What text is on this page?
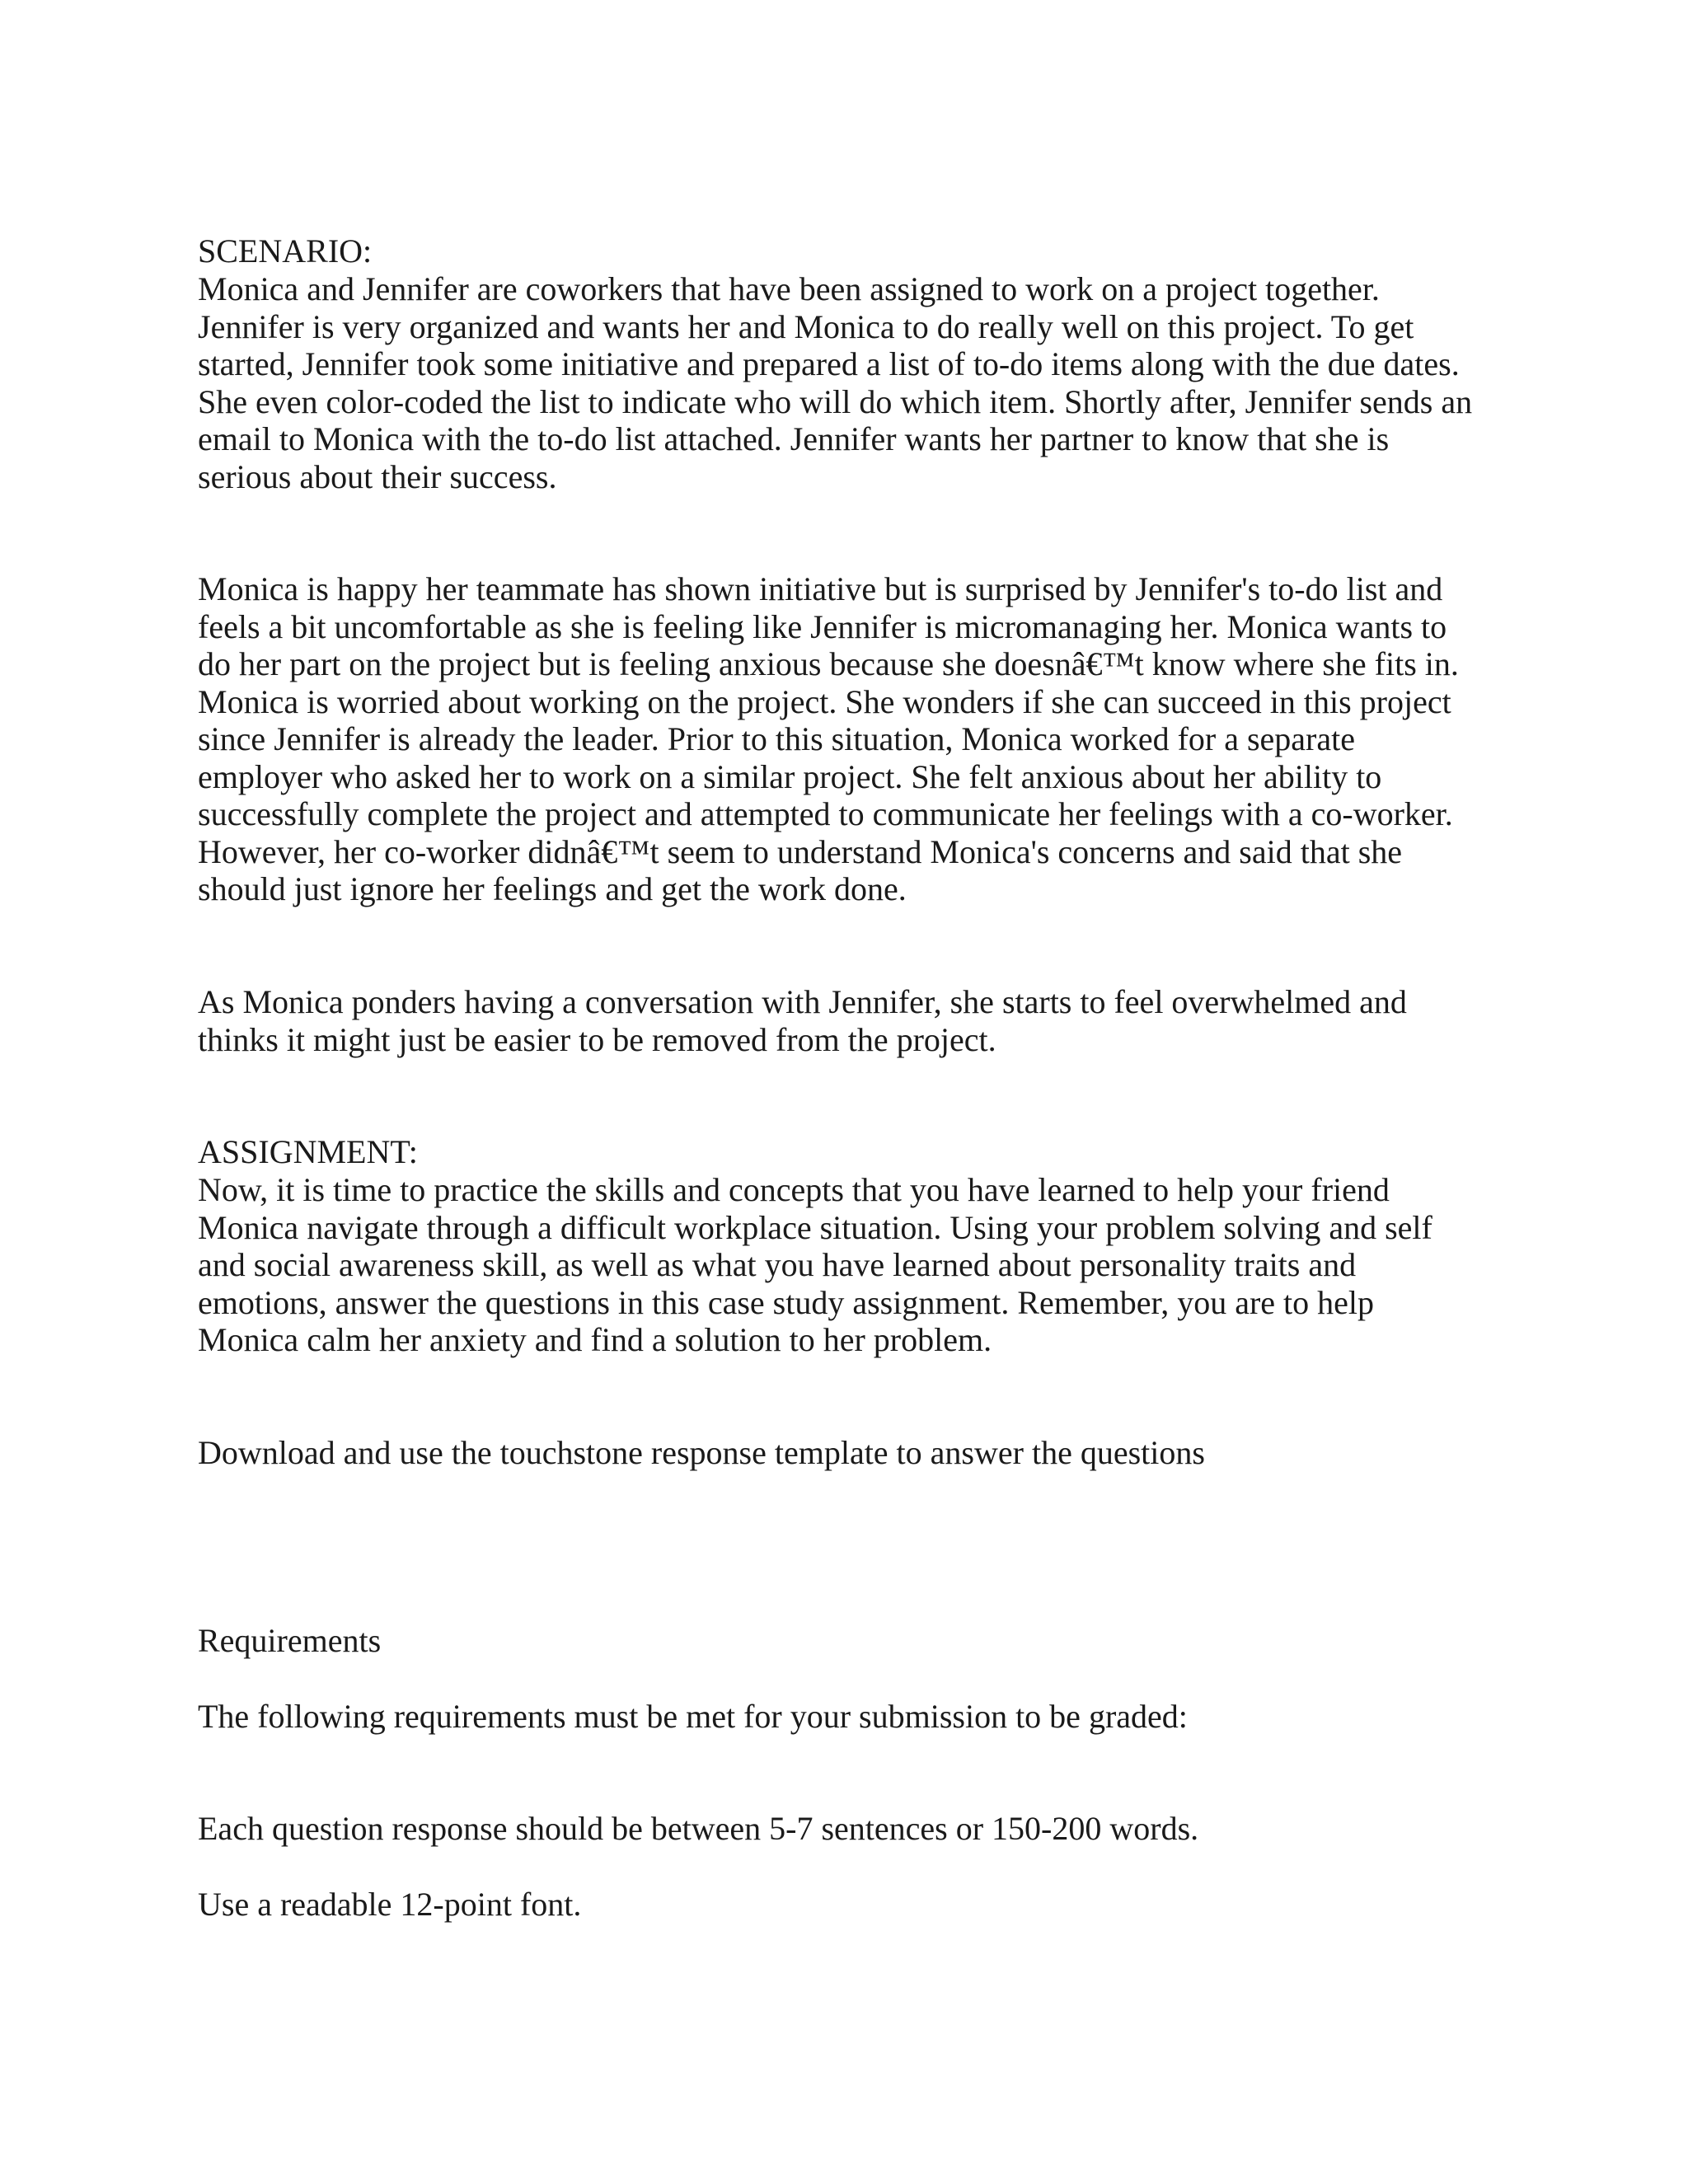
SCENARIO:

Monica and Jennifer are coworkers that have been assigned to work on a project together.
Jennifer is very organized and wants her and Monica to do really well on this project. To get
started, Jennifer took some initiative and prepared a list of to-do items along with the due dates.
She even color-coded the list to indicate who will do which item. Shortly after, Jennifer sends an
email to Monica with the to-do list attached. Jennifer wants her partner to know that she is
serious about their success.

Monica is happy her teammate has shown initiative but is surprised by Jennifer's to-do list and
feels a bit uncomfortable as she is feeling like Jennifer is micromanaging her. Monica wants to
do her part on the project but is feeling anxious because she doesnâ€™t know where she fits in.
Monica is worried about working on the project. She wonders if she can succeed in this project
since Jennifer is already the leader. Prior to this situation, Monica worked for a separate
employer who asked her to work on a similar project. She felt anxious about her ability to
successfully complete the project and attempted to communicate her feelings with a co-worker.
However, her co-worker didnâ€™t seem to understand Monica's concerns and said that she
should just ignore her feelings and get the work done.

As Monica ponders having a conversation with Jennifer, she starts to feel overwhelmed and
thinks it might just be easier to be removed from the project.

ASSIGNMENT:

Now, it is time to practice the skills and concepts that you have learned to help your friend
Monica navigate through a difficult workplace situation. Using your problem solving and self
and social awareness skill, as well as what you have learned about personality traits and
emotions, answer the questions in this case study assignment. Remember, you are to help
Monica calm her anxiety and find a solution to her problem.

Download and use the touchstone response template to answer the questions

Requirements

The following requirements must be met for your submission to be graded:

Each question response should be between 5-7 sentences or 150-200 words.

Use a readable 12-point font.
